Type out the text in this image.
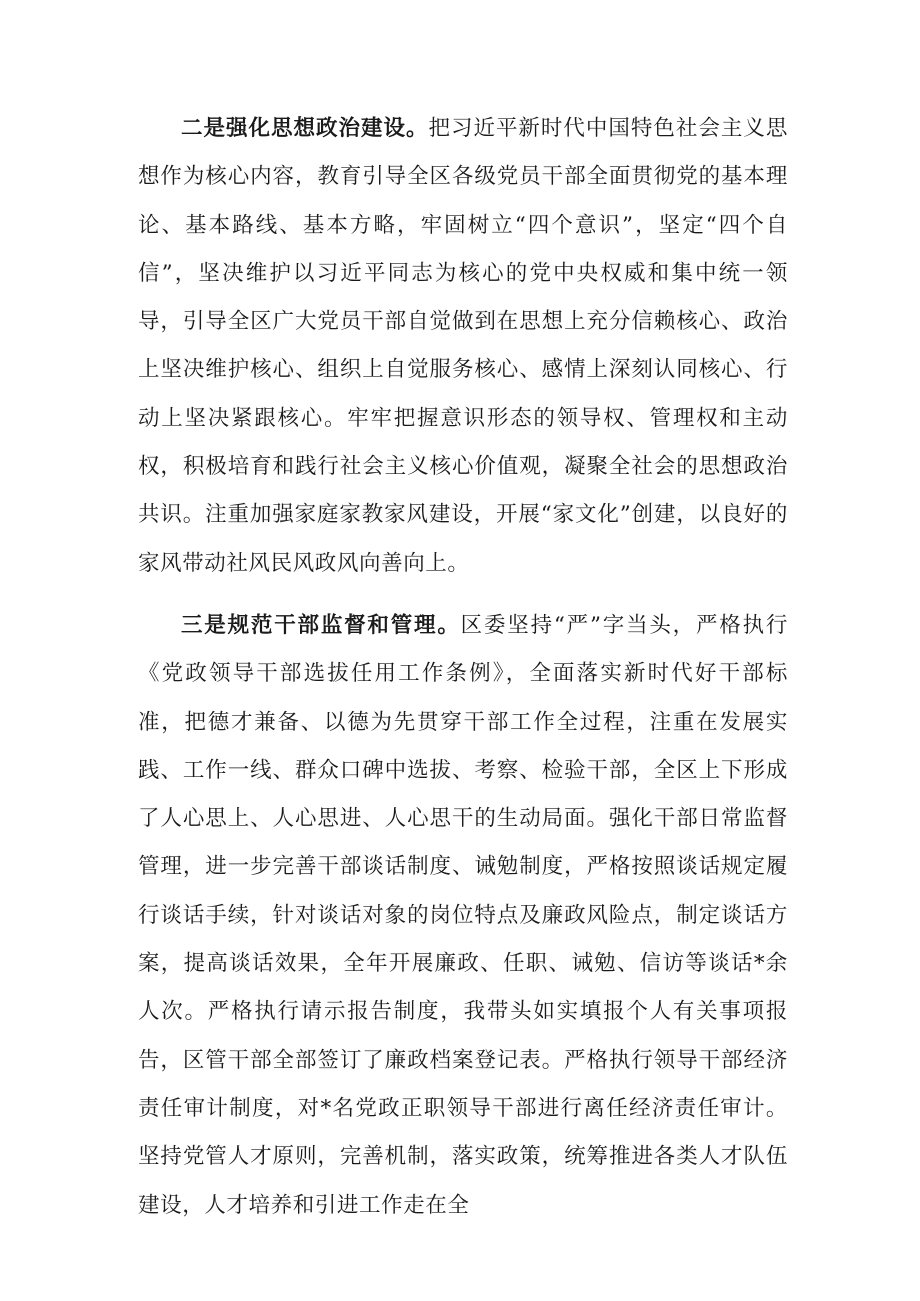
二是强化思想政治建设。把习近平新时代中国特色社会主义思想作为核心内容，教育引导全区各级党员干部全面贯彻党的基本理论、基本路线、基本方略，牢固树立“四个意识”，坚定“四个自信”，坚决维护以习近平同志为核心的党中央权威和集中统一领导，引导全区广大党员干部自觉做到在思想上充分信赖核心、政治上坚决维护核心、组织上自觉服务核心、感情上深刻认同核心、行动上坚决紧跟核心。牢牢把握意识形态的领导权、管理权和主动权，积极培育和践行社会主义核心价值观，凝聚全社会的思想政治共识。注重加强家庭家教家风建设，开展“家文化”创建，以良好的家风带动社风民风政风向善向上。

三是规范干部监督和管理。区委坚持“严”字当头，严格执行《党政领导干部选拔任用工作条例》，全面落实新时代好干部标准，把德才兼备、以德为先贯穿干部工作全过程，注重在发展实践、工作一线、群众口碑中选拔、考察、检验干部，全区上下形成了人心思上、人心思进、人心思干的生动局面。强化干部日常监督管理，进一步完善干部谈话制度、诫勉制度，严格按照谈话规定履行谈话手续，针对谈话对象的岗位特点及廉政风险点，制定谈话方案，提高谈话效果，全年开展廉政、任职、诫勉、信访等谈话*余人次。严格执行请示报告制度，我带头如实填报个人有关事项报告，区管干部全部签订了廉政档案登记表。严格执行领导干部经济责任审计制度，对*名党政正职领导干部进行离任经济责任审计。坚持党管人才原则，完善机制，落实政策，统筹推进各类人才队伍建设，人才培养和引进工作走在全
